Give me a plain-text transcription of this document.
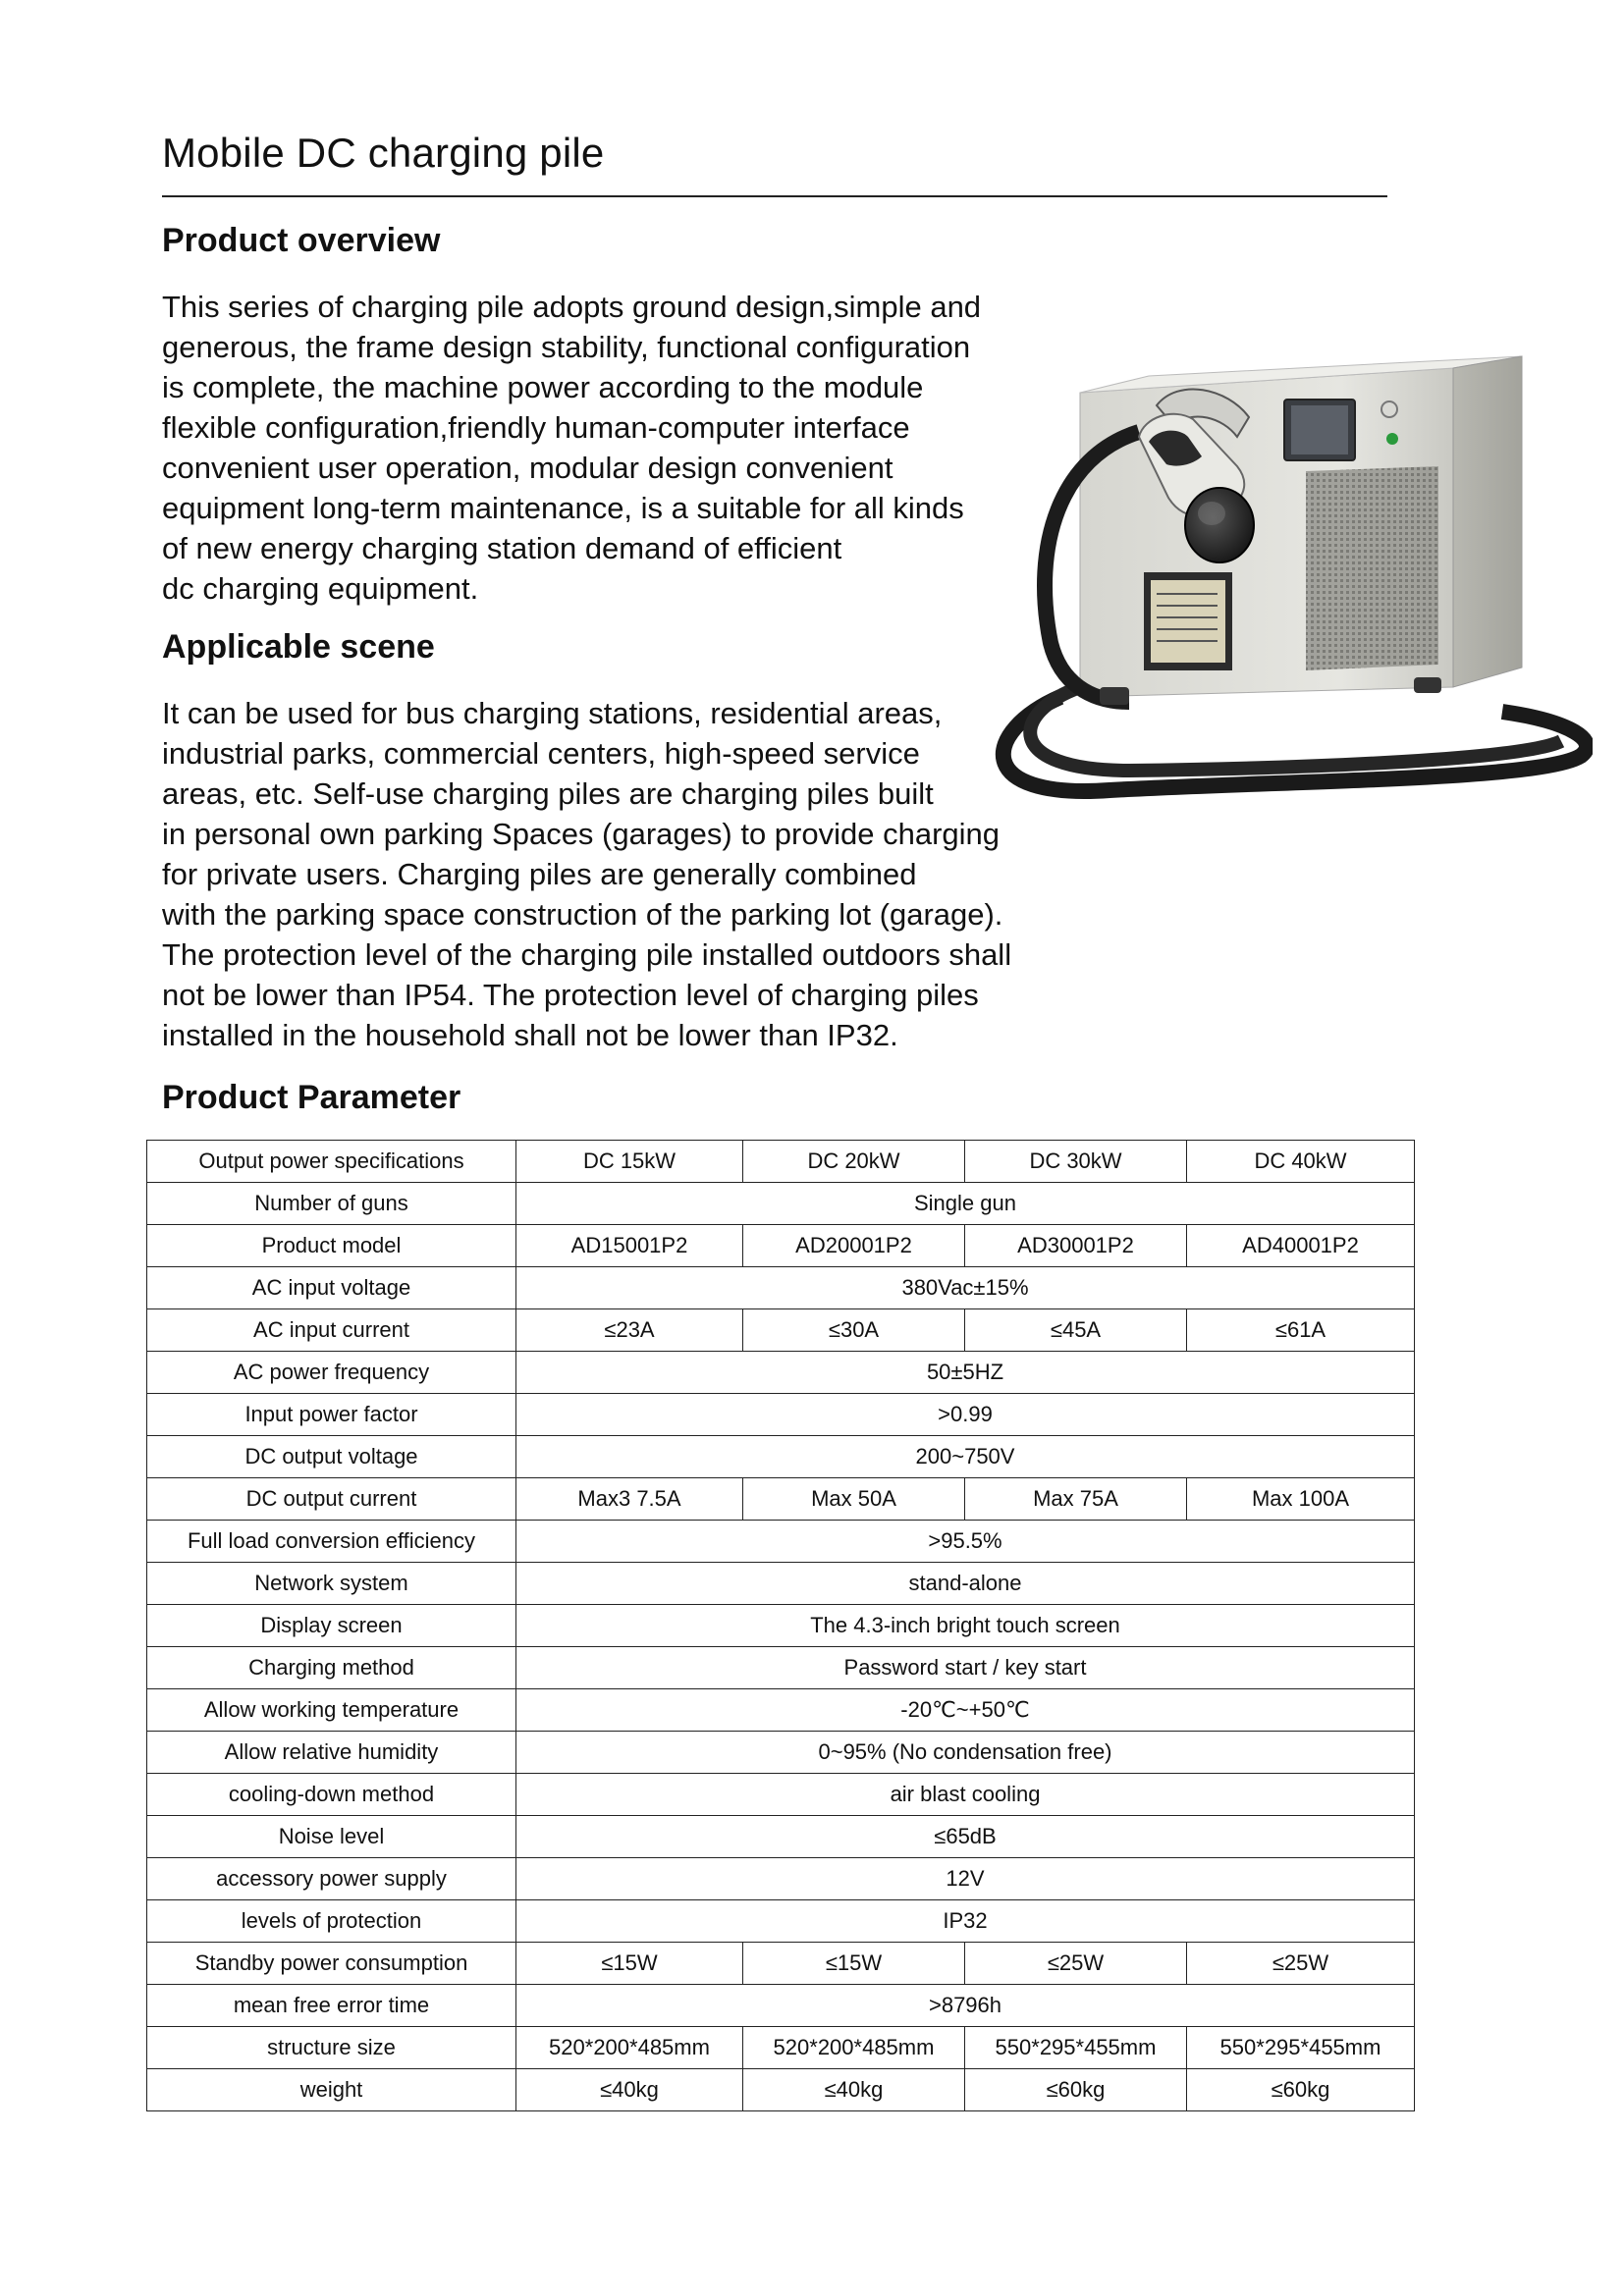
Mobile DC charging pile
Product overview

This series of charging pile adopts ground design,simple and
generous, the frame design stability, functional configuration
is complete, the machine power according to the module
flexible configuration,friendly human-computer interface
convenient user operation, modular design convenient
equipment long-term maintenance, is a suitable for all kinds
of new energy charging station demand of efficient
dc charging equipment.

Applicable scene

It can be used for bus charging stations, residential areas,
industrial parks, commercial centers, high-speed service
areas, etc. Self-use charging piles are charging piles built
in personal own parking Spaces (garages) to provide charging
for private users. Charging piles are generally combined
with the parking space construction of the parking lot (garage).
The protection level of the charging pile installed outdoors shall
not be lower than IP54. The protection level of charging piles
installed in the household shall not be lower than IP32.

Product Parameter
Output power specifications	DC 15kW	DC 20kW	DC 30kW	DC 40kW
Number of guns	Single gun			
Product model	AD15001P2	AD20001P2	AD30001P2	AD40001P2
AC input voltage	380Vac±15%			
AC input current	≤23A	≤30A	≤45A	≤61A
AC power frequency	50±5HZ			
Input power factor	>0.99			
DC output voltage	200~750V			
DC output current	Max3 7.5A	Max 50A	Max 75A	Max 100A
Full load conversion efficiency	>95.5%			
Network system	stand-alone			
Display screen	The 4.3-inch bright touch screen			
Charging method	Password start / key start			
Allow working temperature	-20℃~+50℃			
Allow relative humidity	0~95% (No condensation free)			
cooling-down method	air blast cooling			
Noise level	≤65dB			
accessory power supply	12V			
levels of protection	IP32			
Standby power consumption	≤15W	≤15W	≤25W	≤25W
mean free error time	>8796h			
structure size	520*200*485mm	520*200*485mm	550*295*455mm	550*295*455mm
weight	≤40kg	≤40kg	≤60kg	≤60kg
